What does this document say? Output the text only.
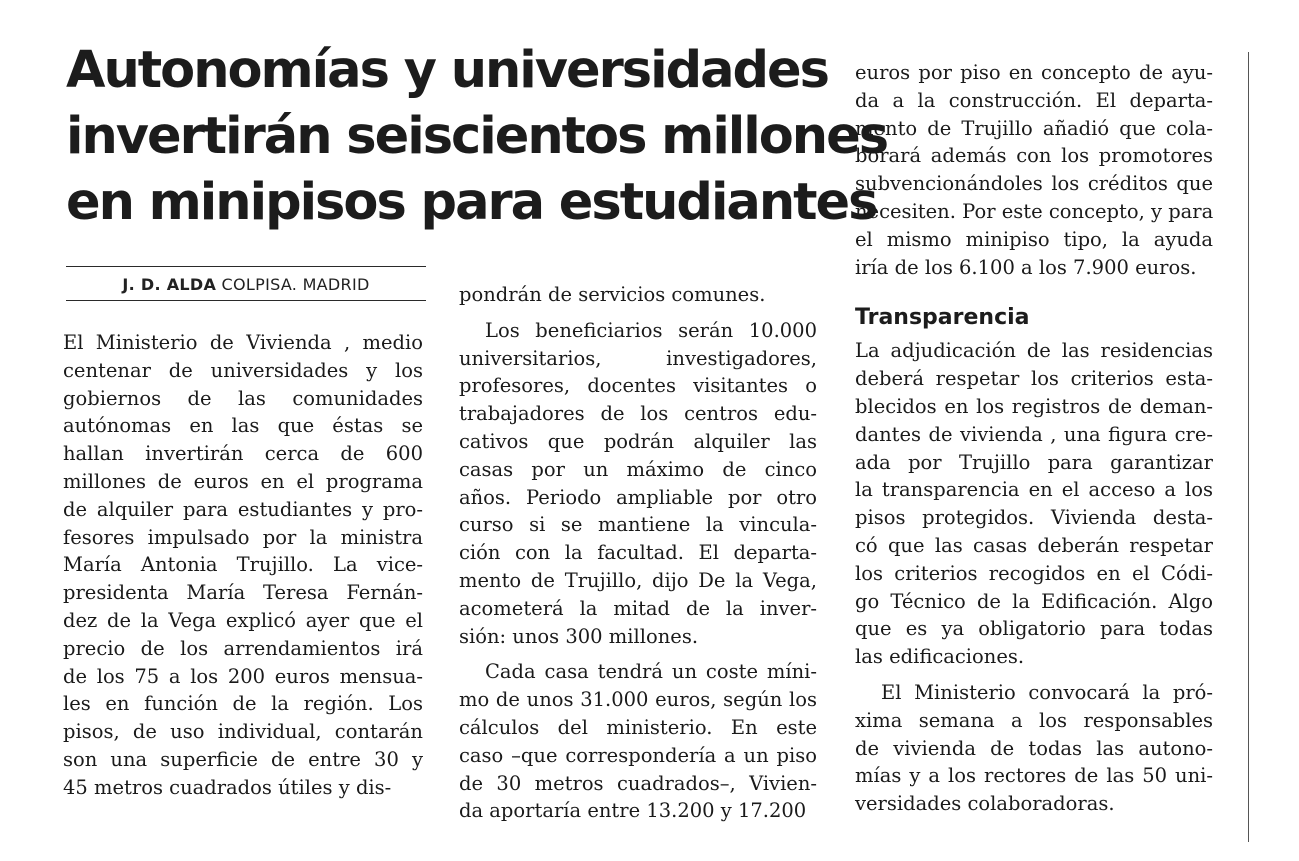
Autonomías y universidades
invertirán seiscientos millones
en minipisos para estudiantes
J. D. ALDA COLPISA. MADRID

El Ministerio de Vivienda , medio
centenar de universidades y los
gobiernos de las comunidades
autónomas en las que éstas se
hallan invertirán cerca de 600
millones de euros en el programa
de alquiler para estudiantes y pro-
fesores impulsado por la ministra
María Antonia Trujillo. La vice-
presidenta María Teresa Fernán-
dez de la Vega explicó ayer que el
precio de los arrendamientos irá
de los 75 a los 200 euros mensua-
les en función de la región. Los
pisos, de uso individual, contarán
son una superficie de entre 30 y
45 metros cuadrados útiles y dis-

pondrán de servicios comunes.

Los beneficiarios serán 10.000
universitarios, investigadores,
profesores, docentes visitantes o
trabajadores de los centros edu-
cativos que podrán alquiler las
casas por un máximo de cinco
años. Periodo ampliable por otro
curso si se mantiene la vincula-
ción con la facultad. El departa-
mento de Trujillo, dijo De la Vega,
acometerá la mitad de la inver-
sión: unos 300 millones.

Cada casa tendrá un coste míni-
mo de unos 31.000 euros, según los
cálculos del ministerio. En este
caso –que correspondería a un piso
de 30 metros cuadrados–, Vivien-
da aportaría entre 13.200 y 17.200

euros por piso en concepto de ayu-
da a la construcción. El departa-
mento de Trujillo añadió que cola-
borará además con los promotores
subvencionándoles los créditos que
necesiten. Por este concepto, y para
el mismo minipiso tipo, la ayuda
iría de los 6.100 a los 7.900 euros.

Transparencia

La adjudicación de las residencias
deberá respetar los criterios esta-
blecidos en los registros de deman-
dantes de vivienda , una figura cre-
ada por Trujillo para garantizar
la transparencia en el acceso a los
pisos protegidos. Vivienda desta-
có que las casas deberán respetar
los criterios recogidos en el Códi-
go Técnico de la Edificación. Algo
que es ya obligatorio para todas
las edificaciones.

El Ministerio convocará la pró-
xima semana a los responsables
de vivienda de todas las autono-
mías y a los rectores de las 50 uni-
versidades colaboradoras.
